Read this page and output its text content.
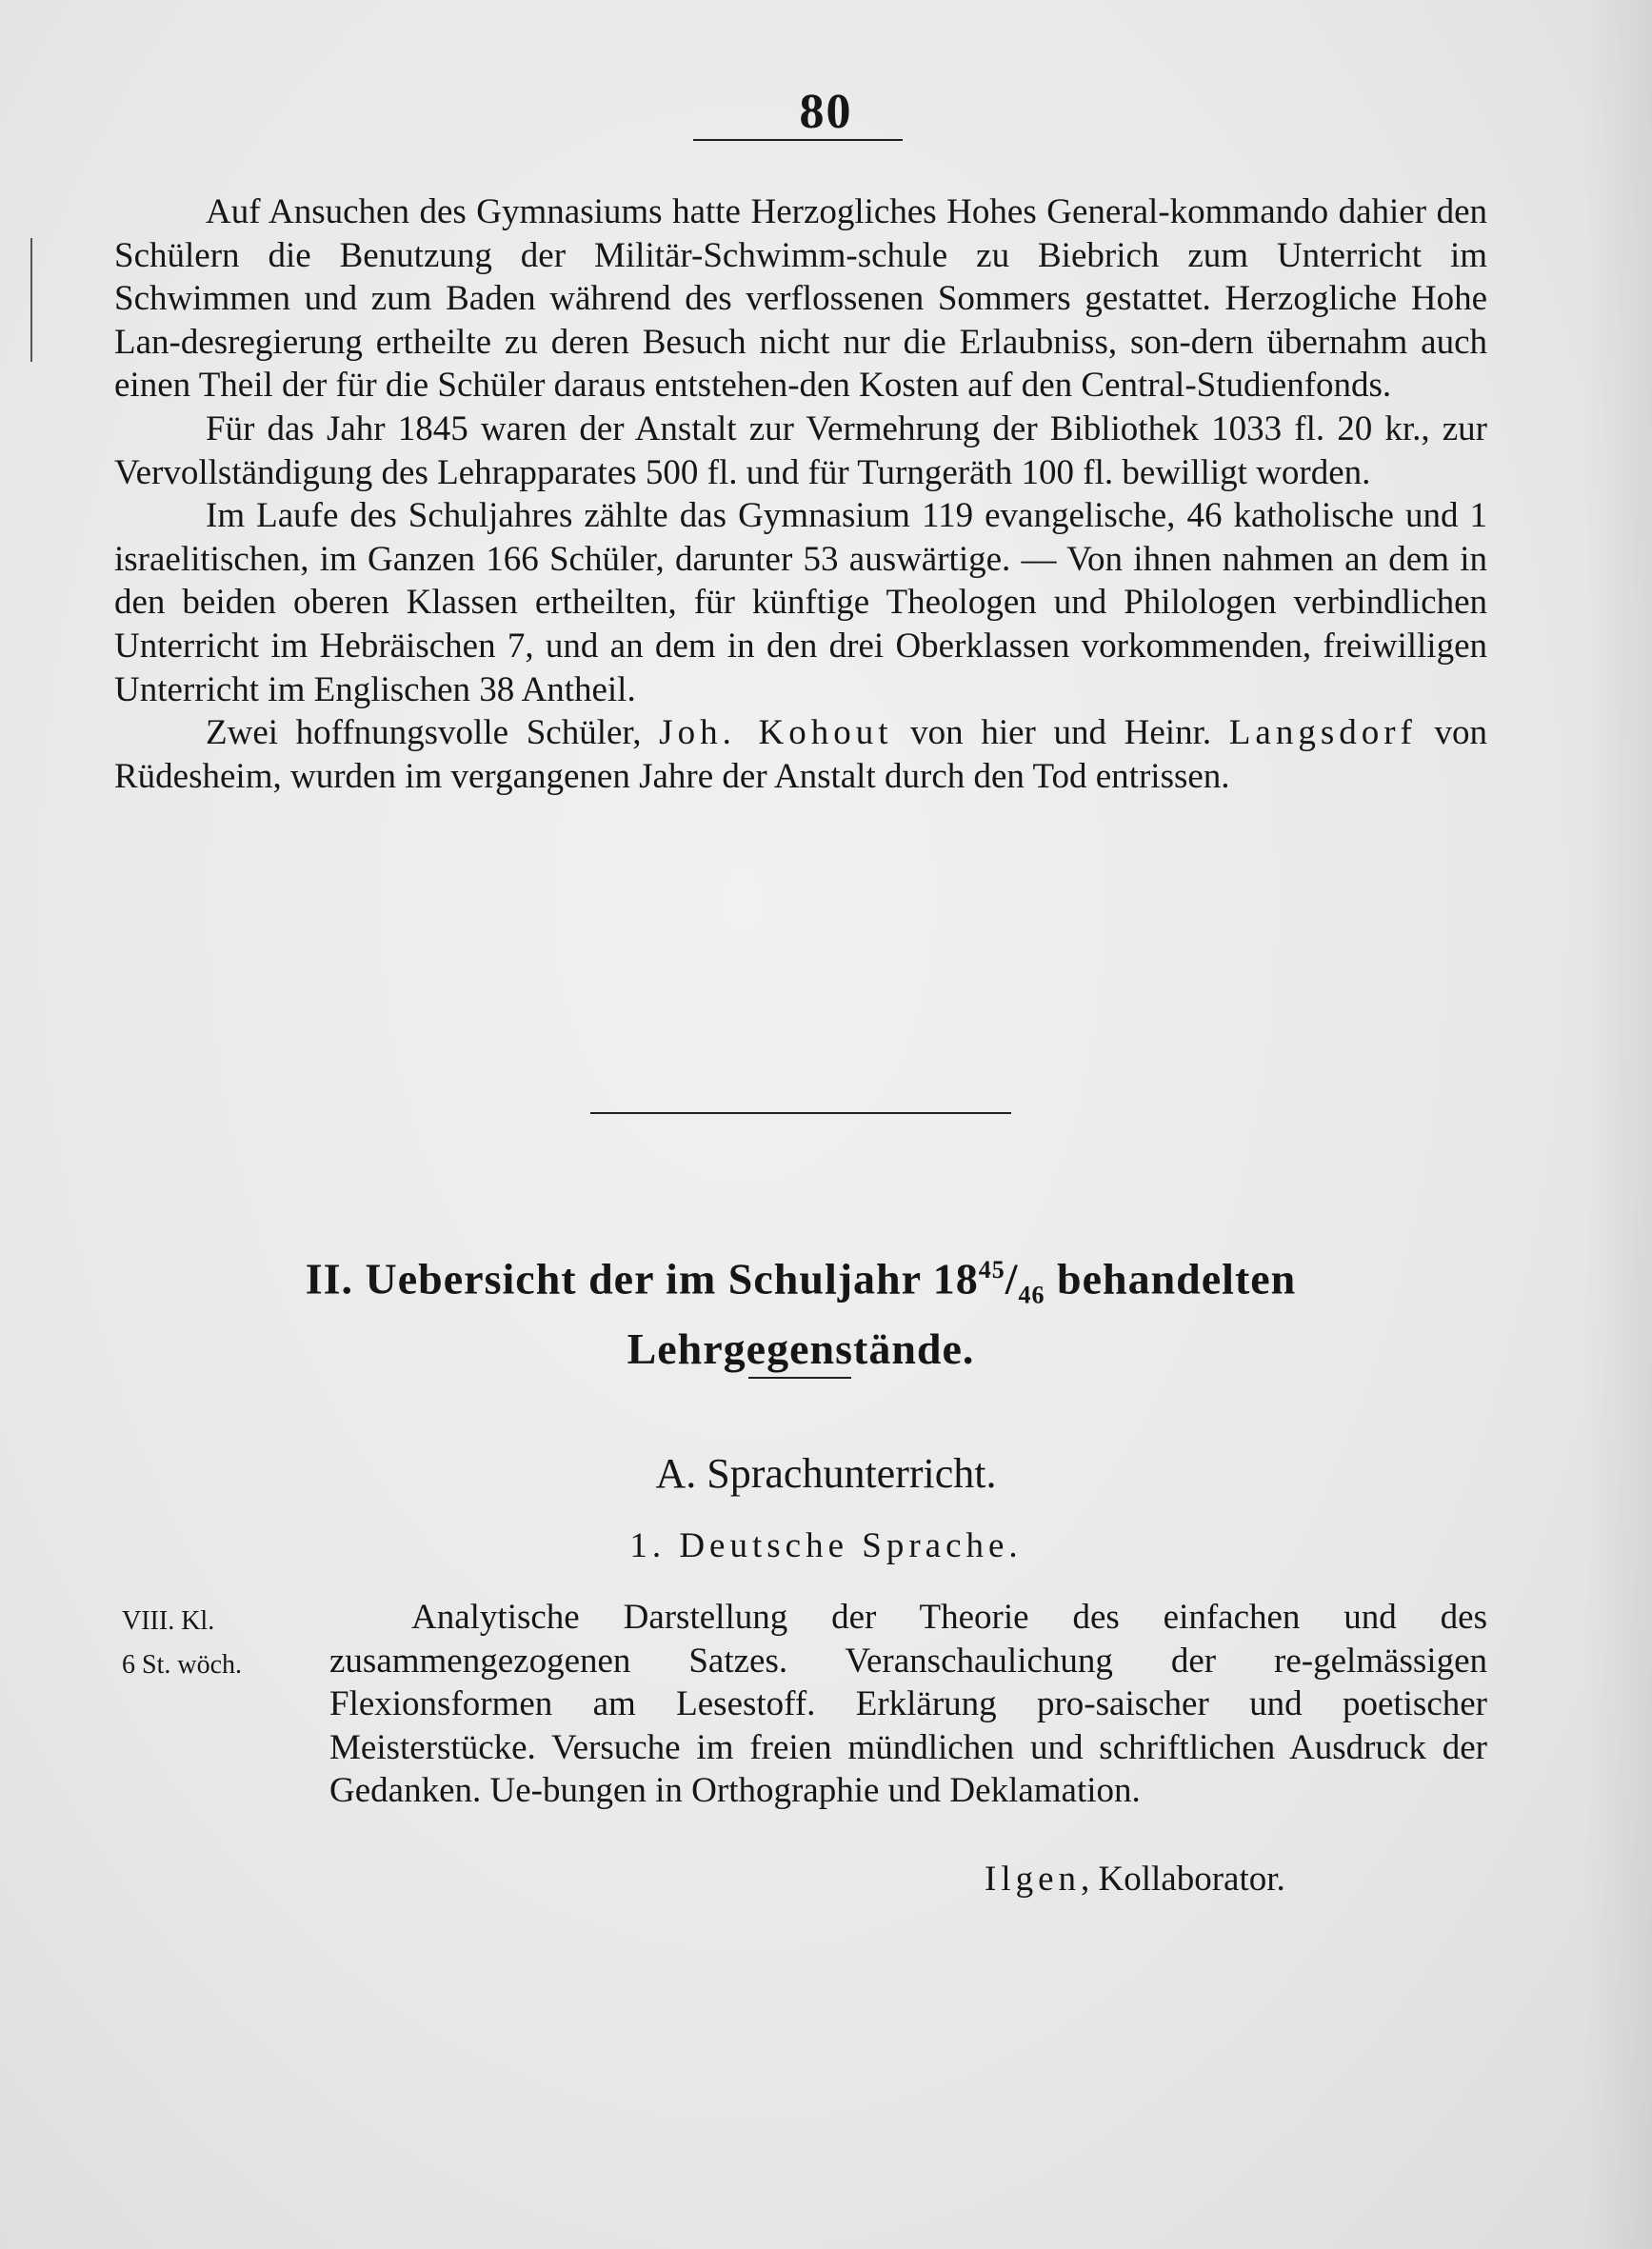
80

Auf Ansuchen des Gymnasiums hatte Herzogliches Hohes General-kommando dahier den Schülern die Benutzung der Militär-Schwimm-schule zu Biebrich zum Unterricht im Schwimmen und zum Baden während des verflossenen Sommers gestattet. Herzogliche Hohe Lan-desregierung ertheilte zu deren Besuch nicht nur die Erlaubniss, son-dern übernahm auch einen Theil der für die Schüler daraus entstehen-den Kosten auf den Central-Studienfonds.

Für das Jahr 1845 waren der Anstalt zur Vermehrung der Bibliothek 1033 fl. 20 kr., zur Vervollständigung des Lehrapparates 500 fl. und für Turngeräth 100 fl. bewilligt worden.

Im Laufe des Schuljahres zählte das Gymnasium 119 evangelische, 46 katholische und 1 israelitischen, im Ganzen 166 Schüler, darunter 53 auswärtige. — Von ihnen nahmen an dem in den beiden oberen Klassen ertheilten, für künftige Theologen und Philologen verbindlichen Unterricht im Hebräischen 7, und an dem in den drei Oberklassen vorkommenden, freiwilligen Unterricht im Englischen 38 Antheil.

Zwei hoffnungsvolle Schüler, Joh. Kohout von hier und Heinr. Langsdorf von Rüdesheim, wurden im vergangenen Jahre der Anstalt durch den Tod entrissen.

II. Uebersicht der im Schuljahr $18^{45}/_{46}$ behandelten
Lehrgegenstände.
A. Sprachunterricht.
1. Deutsche Sprache.
VIII. Kl.
6 St. wöch.

Analytische Darstellung der Theorie des einfachen und des zusammengezogenen Satzes. Veranschaulichung der re-gelmässigen Flexionsformen am Lesestoff. Erklärung pro-saischer und poetischer Meisterstücke. Versuche im freien mündlichen und schriftlichen Ausdruck der Gedanken. Ue-bungen in Orthographie und Deklamation.

Ilgen, Kollaborator.
